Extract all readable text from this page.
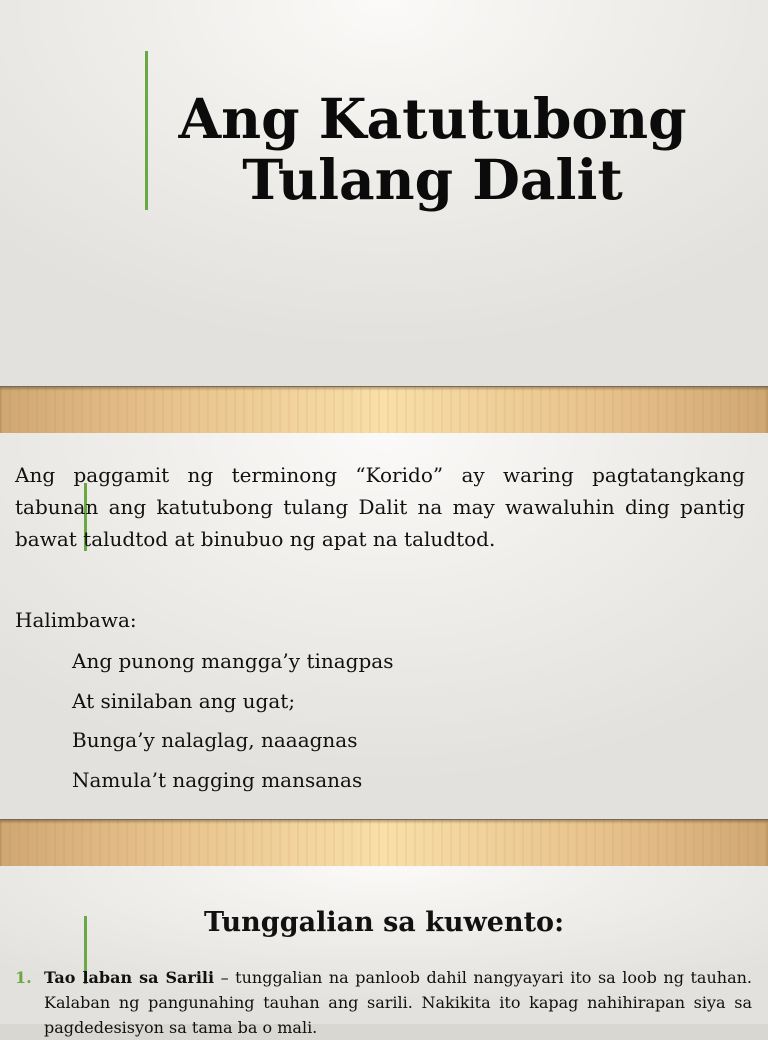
Ang Katutubong
Tulang Dalit

Ang paggamit ng terminong “Korido” ay waring pagtatangkang tabunan ang katutubong tulang Dalit na may wawaluhin ding pantig bawat taludtod at binubuo ng apat na taludtod.

Halimbawa:

Ang punong mangga’y tinagpas

At sinilaban ang ugat;

Bunga’y nalaglag, naaagnas

Namula’t nagging mansanas

Tunggalian sa kuwento:
1. Tao laban sa Sarili – tunggalian na panloob dahil nangyayari ito sa loob ng tauhan. Kalaban ng pangunahing tauhan ang sarili. Nakikita ito kapag nahihirapan siya sa pagdedesisyon sa tama ba o mali.
